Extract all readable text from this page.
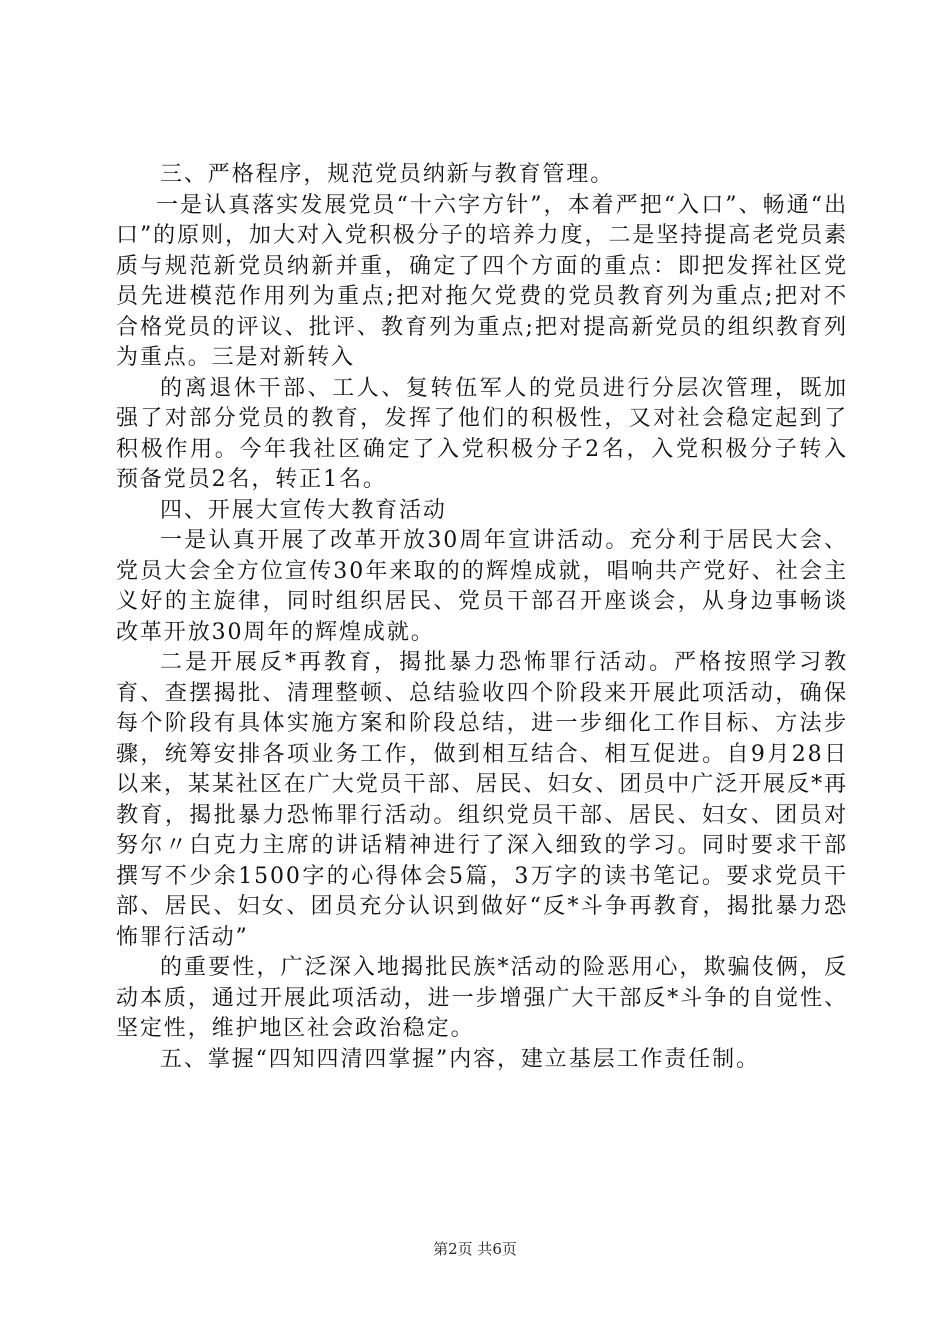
三、严格程序，规范党员纳新与教育管理。

一是认真落实发展党员“十六字方针”，本着严把“入口”、畅通“出口”的原则，加大对入党积极分子的培养力度，二是坚持提高老党员素质与规范新党员纳新并重，确定了四个方面的重点：即把发挥社区党员先进模范作用列为重点;把对拖欠党费的党员教育列为重点;把对不合格党员的评议、批评、教育列为重点;把对提高新党员的组织教育列为重点。三是对新转入

的离退休干部、工人、复转伍军人的党员进行分层次管理，既加强了对部分党员的教育，发挥了他们的积极性，又对社会稳定起到了积极作用。今年我社区确定了入党积极分子2名，入党积极分子转入预备党员2名，转正1名。

四、开展大宣传大教育活动

一是认真开展了改革开放30周年宣讲活动。充分利于居民大会、党员大会全方位宣传30年来取的的辉煌成就，唱响共产党好、社会主义好的主旋律，同时组织居民、党员干部召开座谈会，从身边事畅谈改革开放30周年的辉煌成就。

二是开展反*再教育，揭批暴力恐怖罪行活动。严格按照学习教育、查摆揭批、清理整顿、总结验收四个阶段来开展此项活动，确保每个阶段有具体实施方案和阶段总结，进一步细化工作目标、方法步骤，统筹安排各项业务工作，做到相互结合、相互促进。自9月28日以来，某某社区在广大党员干部、居民、妇女、团员中广泛开展反*再教育，揭批暴力恐怖罪行活动。组织党员干部、居民、妇女、团员对努尔〃白克力主席的讲话精神进行了深入细致的学习。同时要求干部撰写不少余1500字的心得体会5篇，3万字的读书笔记。要求党员干部、居民、妇女、团员充分认识到做好“反*斗争再教育，揭批暴力恐怖罪行活动”

的重要性，广泛深入地揭批民族*活动的险恶用心，欺骗伎俩，反动本质，通过开展此项活动，进一步增强广大干部反*斗争的自觉性、坚定性，维护地区社会政治稳定。

五、掌握“四知四清四掌握”内容，建立基层工作责任制。

第2页 共6页
